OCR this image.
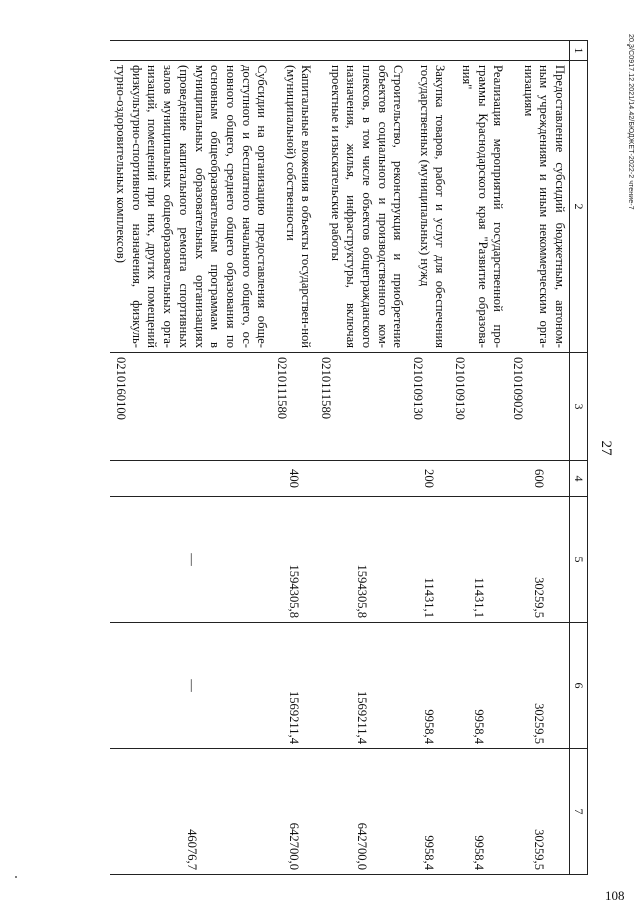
20.3/С0917.12.2021/14.42/БЮДЖЕТ-2022-2 чтение-7
27
1	2	3	4	5	6	7
	Предоставление субсидий бюджетным, автоном-ным учреждениям и иным некоммерческим орга-низациям	0210109020	600	30259,5	30259,5	30259,5
	Реализация мероприятий государственной про-граммы Краснодарского края "Развитие образова-ния"	0210109130		11431,1	9958,4	9958,4
	Закупка товаров, работ и услуг для обеспечения государственных (муниципальных) нужд	0210109130	200	11431,1	9958,4	9958,4
	Строительство, реконструкция и приобретение объектов социального и производственного ком-плексов, в том числе объектов общегражданского назначения, жилья, инфраструктуры, включая проектные и изыскательские работы	0210111580		1594305,8	1569211,4	642700,0
	Капитальные вложения в объекты государствен-ной (муниципальной) собственности	0210111580	400	1594305,8	1569211,4	642700,0
	Субсидии на организацию предоставления обще-доступного и бесплатного начального общего, ос-новного общего, среднего общего образования по основным общеобразовательным программам в муниципальных образовательных организациях (проведение капитального ремонта спортивных залов муниципальных общеобразовательных орга-низаций, помещений при них, других помещений физкультурно-спортивного назначения, физкуль-турно-оздоровительных комплексов)	0210160100		—	—	46076,7
108
